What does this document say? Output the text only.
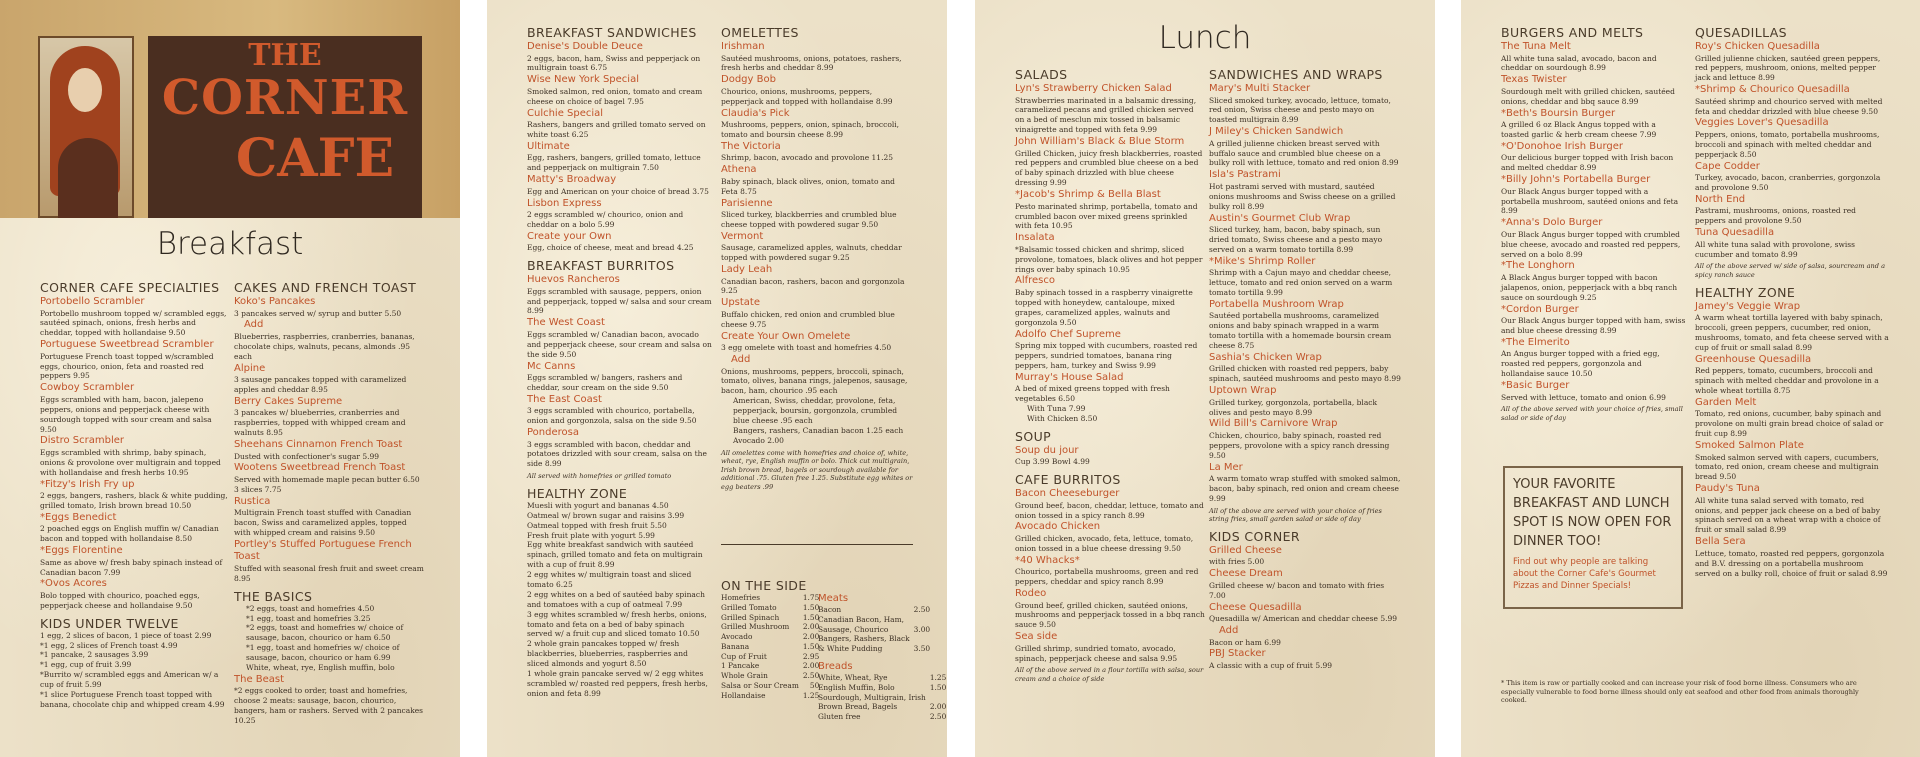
THE
CORNER
CAFE
Breakfast
CORNER CAFE SPECIALTIES
Portobello Scrambler
Portobello mushroom topped w/ scrambled eggs, sautéed spinach, onions, fresh herbs and cheddar, topped with hollandaise 9.50
Portuguese Sweetbread Scrambler
Portuguese French toast topped w/scrambled eggs, chourico, onion, feta and roasted red peppers 9.95
Cowboy Scrambler
Eggs scrambled with ham, bacon, jalepeno peppers, onions and pepperjack cheese with sourdough topped with sour cream and salsa 9.50
Distro Scrambler
Eggs scrambled with shrimp, baby spinach, onions & provolone over multigrain and topped with hollandaise and fresh herbs 10.95
*Fitzy's Irish Fry up
2 eggs, bangers, rashers, black & white pudding, grilled tomato, Irish brown bread 10.50
*Eggs Benedict
2 poached eggs on English muffin w/ Canadian bacon and topped with hollandaise 8.50
*Eggs Florentine
Same as above w/ fresh baby spinach instead of Canadian bacon 7.99
*Ovos Acores
Bolo topped with chourico, poached eggs, pepperjack cheese and hollandaise 9.50
KIDS UNDER TWELVE
1 egg, 2 slices of bacon, 1 piece of toast 2.99
*1 egg, 2 slices of French toast 4.99
*1 pancake, 2 sausages 3.99
*1 egg, cup of fruit 3.99
*Burrito w/ scrambled eggs and American w/ a cup of fruit 5.99
*1 slice Portuguese French toast topped with banana, chocolate chip and whipped cream 4.99
CAKES AND FRENCH TOAST
Koko's Pancakes
3 pancakes served w/ syrup and butter 5.50
Add
Blueberries, raspberries, cranberries, bananas, chocolate chips, walnuts, pecans, almonds .95 each
Alpine
3 sausage pancakes topped with caramelized apples and cheddar 8.95
Berry Cakes Supreme
3 pancakes w/ blueberries, cranberries and raspberries, topped with whipped cream and walnuts 8.95
Sheehans Cinnamon French Toast
Dusted with confectioner's sugar 5.99
Wootens Sweetbread French Toast
Served with homemade maple pecan butter 6.50 3 slices 7.75
Rustica
Multigrain French toast stuffed with Canadian bacon, Swiss and caramelized apples, topped with whipped cream and raisins 9.50
Portley's Stuffed Portuguese French Toast
Stuffed with seasonal fresh fruit and sweet cream 8.95
THE BASICS
*2 eggs, toast and homefries 4.50
*1 egg, toast and homefries 3.25
*2 eggs, toast and homefries w/ choice of sausage, bacon, chourico or ham 6.50
*1 egg, toast and homefries w/ choice of sausage, bacon, chourico or ham 6.99
White, wheat, rye, English muffin, bolo
The Beast
*2 eggs cooked to order, toast and homefries, choose 2 meats: sausage, bacon, chourico, bangers, ham or rashers. Served with 2 pancakes 10.25
BREAKFAST SANDWICHES
Denise's Double Deuce
2 eggs, bacon, ham, Swiss and pepperjack on multigrain toast 6.75
Wise New York Special
Smoked salmon, red onion, tomato and cream cheese on choice of bagel 7.95
Culchie Special
Rashers, bangers and grilled tomato served on white toast 6.25
Ultimate
Egg, rashers, bangers, grilled tomato, lettuce and pepperjack on multigrain 7.50
Matty's Broadway
Egg and American on your choice of bread 3.75
Lisbon Express
2 eggs scrambled w/ chourico, onion and cheddar on a bolo 5.99
Create your Own
Egg, choice of cheese, meat and bread 4.25
BREAKFAST BURRITOS
Huevos Rancheros
Eggs scrambled with sausage, peppers, onion and pepperjack, topped w/ salsa and sour cream 8.99
The West Coast
Eggs scrambled w/ Canadian bacon, avocado and pepperjack cheese, sour cream and salsa on the side 9.50
Mc Canns
Eggs scrambled w/ bangers, rashers and cheddar, sour cream on the side 9.50
The East Coast
3 eggs scrambled with chourico, portabella, onion and gorgonzola, salsa on the side 9.50
Ponderosa
3 eggs scrambled with bacon, cheddar and potatoes drizzled with sour cream, salsa on the side 8.99
All served with homefries or grilled tomato
HEALTHY ZONE
Muesli with yogurt and bananas 4.50
Oatmeal w/ brown sugar and raisins 3.99
Oatmeal topped with fresh fruit 5.50
Fresh fruit plate with yogurt 5.99
Egg white breakfast sandwich with sautéed spinach, grilled tomato and feta on multigrain with a cup of fruit 8.99
2 egg whites w/ multigrain toast and sliced tomato 6.25
2 egg whites on a bed of sautéed baby spinach and tomatoes with a cup of oatmeal 7.99
3 egg whites scrambled w/ fresh herbs, onions, tomato and feta on a bed of baby spinach served w/ a fruit cup and sliced tomato 10.50
2 whole grain pancakes topped w/ fresh blackberries, blueberries, raspberries and sliced almonds and yogurt 8.50
1 whole grain pancake served w/ 2 egg whites scrambled w/ roasted red peppers, fresh herbs, onion and feta 8.99
OMELETTES
Irishman
Sautéed mushrooms, onions, potatoes, rashers, fresh herbs and cheddar 8.99
Dodgy Bob
Chourico, onions, mushrooms, peppers, pepperjack and topped with hollandaise 8.99
Claudia's Pick
Mushrooms, peppers, onion, spinach, broccoli, tomato and boursin cheese 8.99
The Victoria
Shrimp, bacon, avocado and provolone 11.25
Athena
Baby spinach, black olives, onion, tomato and Feta 8.75
Parisienne
Sliced turkey, blackberries and crumbled blue cheese topped with powdered sugar 9.50
Vermont
Sausage, caramelized apples, walnuts, cheddar topped with powdered sugar 9.25
Lady Leah
Canadian bacon, rashers, bacon and gorgonzola 9.25
Upstate
Buffalo chicken, red onion and crumbled blue cheese 9.75
Create Your Own Omelete
3 egg omelete with toast and homefries 4.50
Add
Onions, mushrooms, peppers, broccoli, spinach, tomato, olives, banana rings, jalepenos, sausage, bacon, ham, chourico .95 each
American, Swiss, cheddar, provolone, feta, pepperjack, boursin, gorgonzola, crumbled blue cheese .95 each
Bangers, rashers, Canadian bacon 1.25 each
Avocado 2.00
All omelettes come with homefries and choice of, white, wheat, rye, English muffin or bolo. Thick cut multigrain, Irish brown bread, bagels or sourdough available for additional .75. Gluten free 1.25. Substitute egg whites or egg beaters .99
ON THE SIDE
Homefries	1.75
Grilled Tomato	1.50
Grilled Spinach	1.50
Grilled Mushroom	2.00
Avocado	2.00
Banana	1.50
Cup of Fruit	2.95
1 Pancake	2.00
Whole Grain	2.50
Salsa or Sour Cream	50
Hollandaise	1.25
Meats
Bacon	2.50
Canadian Bacon, Ham,	
Sausage, Chourico	3.00
Bangers, Rashers, Black	
& White Pudding	3.50
Breads
White, Wheat, Rye	1.25
English Muffin, Bolo	1.50
Sourdough, Multigrain, Irish	
Brown Bread, Bagels	2.00
Gluten free	2.50
Lunch
SALADS
Lyn's Strawberry Chicken Salad
Strawberries marinated in a balsamic dressing, caramelized pecans and grilled chicken served on a bed of mesclun mix tossed in balsamic vinaigrette and topped with feta 9.99
John William's Black & Blue Storm
Grilled Chicken, juicy fresh blackberries, roasted red peppers and crumbled blue cheese on a bed of baby spinach drizzled with blue cheese dressing 9.99
*Jacob's Shrimp & Bella Blast
Pesto marinated shrimp, portabella, tomato and crumbled bacon over mixed greens sprinkled with feta 10.95
Insalata
*Balsamic tossed chicken and shrimp, sliced provolone, tomatoes, black olives and hot pepper rings over baby spinach 10.95
Alfresco
Baby spinach tossed in a raspberry vinaigrette topped with honeydew, cantaloupe, mixed grapes, caramelized apples, walnuts and gorgonzola 9.50
Adolfo Chef Supreme
Spring mix topped with cucumbers, roasted red peppers, sundried tomatoes, banana ring peppers, ham, turkey and Swiss 9.99
Murray's House Salad
A bed of mixed greens topped with fresh vegetables 6.50
With Tuna 7.99
With Chicken 8.50
SOUP
Soup du jour
Cup 3.99 Bowl 4.99
CAFE BURRITOS
Bacon Cheeseburger
Ground beef, bacon, cheddar, lettuce, tomato and onion tossed in a spicy ranch 8.99
Avocado Chicken
Grilled chicken, avocado, feta, lettuce, tomato, onion tossed in a blue cheese dressing 9.50
*40 Whacks*
Chourico, portabella mushrooms, green and red peppers, cheddar and spicy ranch 8.99
Rodeo
Ground beef, grilled chicken, sautéed onions, mushrooms and pepperjack tossed in a bbq ranch sauce 9.50
Sea side
Grilled shrimp, sundried tomato, avocado, spinach, pepperjack cheese and salsa 9.95
All of the above served in a flour tortilla with salsa, sour cream and a choice of side
SANDWICHES AND WRAPS
Mary's Multi Stacker
Sliced smoked turkey, avocado, lettuce, tomato, red onion, Swiss cheese and pesto mayo on toasted multigrain 8.99
J Miley's Chicken Sandwich
A grilled julienne chicken breast served with buffalo sauce and crumbled blue cheese on a bulky roll with lettuce, tomato and red onion 8.99
Isla's Pastrami
Hot pastrami served with mustard, sautéed onions mushrooms and Swiss cheese on a grilled bulky roll 8.99
Austin's Gourmet Club Wrap
Sliced turkey, ham, bacon, baby spinach, sun dried tomato, Swiss cheese and a pesto mayo served on a warm tomato tortilla 8.99
*Mike's Shrimp Roller
Shrimp with a Cajun mayo and cheddar cheese, lettuce, tomato and red onion served on a warm tomato tortilla 9.99
Portabella Mushroom Wrap
Sautéed portabella mushrooms, caramelized onions and baby spinach wrapped in a warm tomato tortilla with a homemade boursin cream cheese 8.75
Sashia's Chicken Wrap
Grilled chicken with roasted red peppers, baby spinach, sautéed mushrooms and pesto mayo 8.99
Uptown Wrap
Grilled turkey, gorgonzola, portabella, black olives and pesto mayo 8.99
Wild Bill's Carnivore Wrap
Chicken, chourico, baby spinach, roasted red peppers, provolone with a spicy ranch dressing 9.50
La Mer
A warm tomato wrap stuffed with smoked salmon, bacon, baby spinach, red onion and cream cheese 9.99
All of the above are served with your choice of fries string fries, small garden salad or side of day
KIDS CORNER
Grilled Cheese
with fries 5.00
Cheese Dream
Grilled cheese w/ bacon and tomato with fries 7.00
Cheese Quesadilla
Quesadilla w/ American and cheddar cheese 5.99
Add
Bacon or ham 6.99
PBJ Stacker
A classic with a cup of fruit 5.99
BURGERS AND MELTS
The Tuna Melt
All white tuna salad, avocado, bacon and cheddar on sourdough 8.99
Texas Twister
Sourdough melt with grilled chicken, sautéed onions, cheddar and bbq sauce 8.99
*Beth's Boursin Burger
A grilled 6 oz Black Angus topped with a toasted garlic & herb cream cheese 7.99
*O'Donohoe Irish Burger
Our delicious burger topped with Irish bacon and melted cheddar 8.99
*Billy John's Portabella Burger
Our Black Angus burger topped with a portabella mushroom, sautéed onions and feta 8.99
*Anna's Dolo Burger
Our Black Angus burger topped with crumbled blue cheese, avocado and roasted red peppers, served on a bolo 8.99
*The Longhorn
A Black Angus burger topped with bacon jalapenos, onion, pepperjack with a bbq ranch sauce on sourdough 9.25
*Cordon Burger
Our Black Angus burger topped with ham, swiss and blue cheese dressing 8.99
*The Elmerito
An Angus burger topped with a fried egg, roasted red peppers, gorgonzola and hollandaise sauce 10.50
*Basic Burger
Served with lettuce, tomato and onion 6.99
All of the above served with your choice of fries, small salad or side of day
QUESADILLAS
Roy's Chicken Quesadilla
Grilled julienne chicken, sautéed green peppers, red peppers, mushroom, onions, melted pepper jack and lettuce 8.99
*Shrimp & Chourico Quesadilla
Sautéed shrimp and chourico served with melted feta and cheddar drizzled with blue cheese 9.50
Veggies Lover's Quesadilla
Peppers, onions, tomato, portabella mushrooms, broccoli and spinach with melted cheddar and pepperjack 8.50
Cape Codder
Turkey, avocado, bacon, cranberries, gorgonzola and provolone 9.50
North End
Pastrami, mushrooms, onions, roasted red peppers and provolone 9.50
Tuna Quesadilla
All white tuna salad with provolone, swiss cucumber and tomato 8.99
All of the above served w/ side of salsa, sourcream and a spicy ranch sauce
HEALTHY ZONE
Jamey's Veggie Wrap
A warm wheat tortilla layered with baby spinach, broccoli, green peppers, cucumber, red onion, mushrooms, tomato, and feta cheese served with a cup of fruit or small salad 8.99
Greenhouse Quesadilla
Red peppers, tomato, cucumbers, broccoli and spinach with melted cheddar and provolone in a whole wheat tortilla 8.75
Garden Melt
Tomato, red onions, cucumber, baby spinach and provolone on multi grain bread choice of salad or fruit cup 8.99
Smoked Salmon Plate
Smoked salmon served with capers, cucumbers, tomato, red onion, cream cheese and multigrain bread 9.50
Paudy's Tuna
All white tuna salad served with tomato, red onions, and pepper jack cheese on a bed of baby spinach served on a wheat wrap with a choice of fruit or small salad 8.99
Bella Sera
Lettuce, tomato, roasted red peppers, gorgonzola and B.V. dressing on a portabella mushroom served on a bulky roll, choice of fruit or salad 8.99
YOUR FAVORITE BREAKFAST AND LUNCH SPOT IS NOW OPEN FOR DINNER TOO!
Find out why people are talking about the Corner Cafe's Gourmet Pizzas and Dinner Specials!
* This item is raw or partially cooked and can increase your risk of food borne illness. Consumers who are especially vulnerable to food borne illness should only eat seafood and other food from animals thoroughly cooked.
